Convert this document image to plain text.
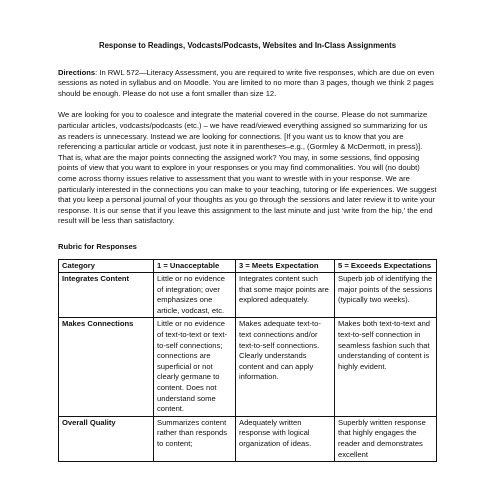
Response to Readings, Vodcasts/Podcasts, Websites and In-Class Assignments

Directions: In RWL 572—Literacy Assessment, you are required to write five responses, which are due on even sessions as noted in syllabus and on Moodle. You are limited to no more than 3 pages, though we think 2 pages should be enough. Please do not use a font smaller than size 12.

We are looking for you to coalesce and integrate the material covered in the course. Please do not summarize particular articles, vodcasts/podcasts (etc.) – we have read/viewed everything assigned so summarizing for us as readers is unnecessary. Instead we are looking for connections. [If you want us to know that you are referencing a particular article or vodcast, just note it in parentheses–e.g., (Gormley & McDermott, in press)]. That is, what are the major points connecting the assigned work? You may, in some sessions, find opposing points of view that you want to explore in your responses or you may find commonalities. You will (no doubt) come across thorny issues relative to assessment that you want to wrestle with in your response. We are particularly interested in the connections you can make to your teaching, tutoring or life experiences. We suggest that you keep a personal journal of your thoughts as you go through the sessions and later review it to write your response. It is our sense that if you leave this assignment to the last minute and just ‘write from the hip,’ the end result will be less than satisfactory.

Rubric for Responses
Category	1 = Unacceptable	3 = Meets Expectation	5 = Exceeds Expectations
Integrates Content	Little or no evidence of integration; over emphasizes one article, vodcast, etc.	Integrates content such that some major points are explored adequately.	Superb job of identifying the major points of the sessions (typically two weeks).
Makes Connections	Little or no evidence of text-to-text or text-to-self connections; connections are superficial or not clearly germane to content. Does not understand some content.	Makes adequate text-to-text connections and/or text-to-self connections. Clearly understands content and can apply information.	Makes both text-to-text and text-to-self connection in seamless fashion such that understanding of content is highly evident.
Overall Quality	Summarizes content rather than responds to content;	Adequately written response with logical organization of ideas.	Superbly written response that highly engages the reader and demonstrates excellent
